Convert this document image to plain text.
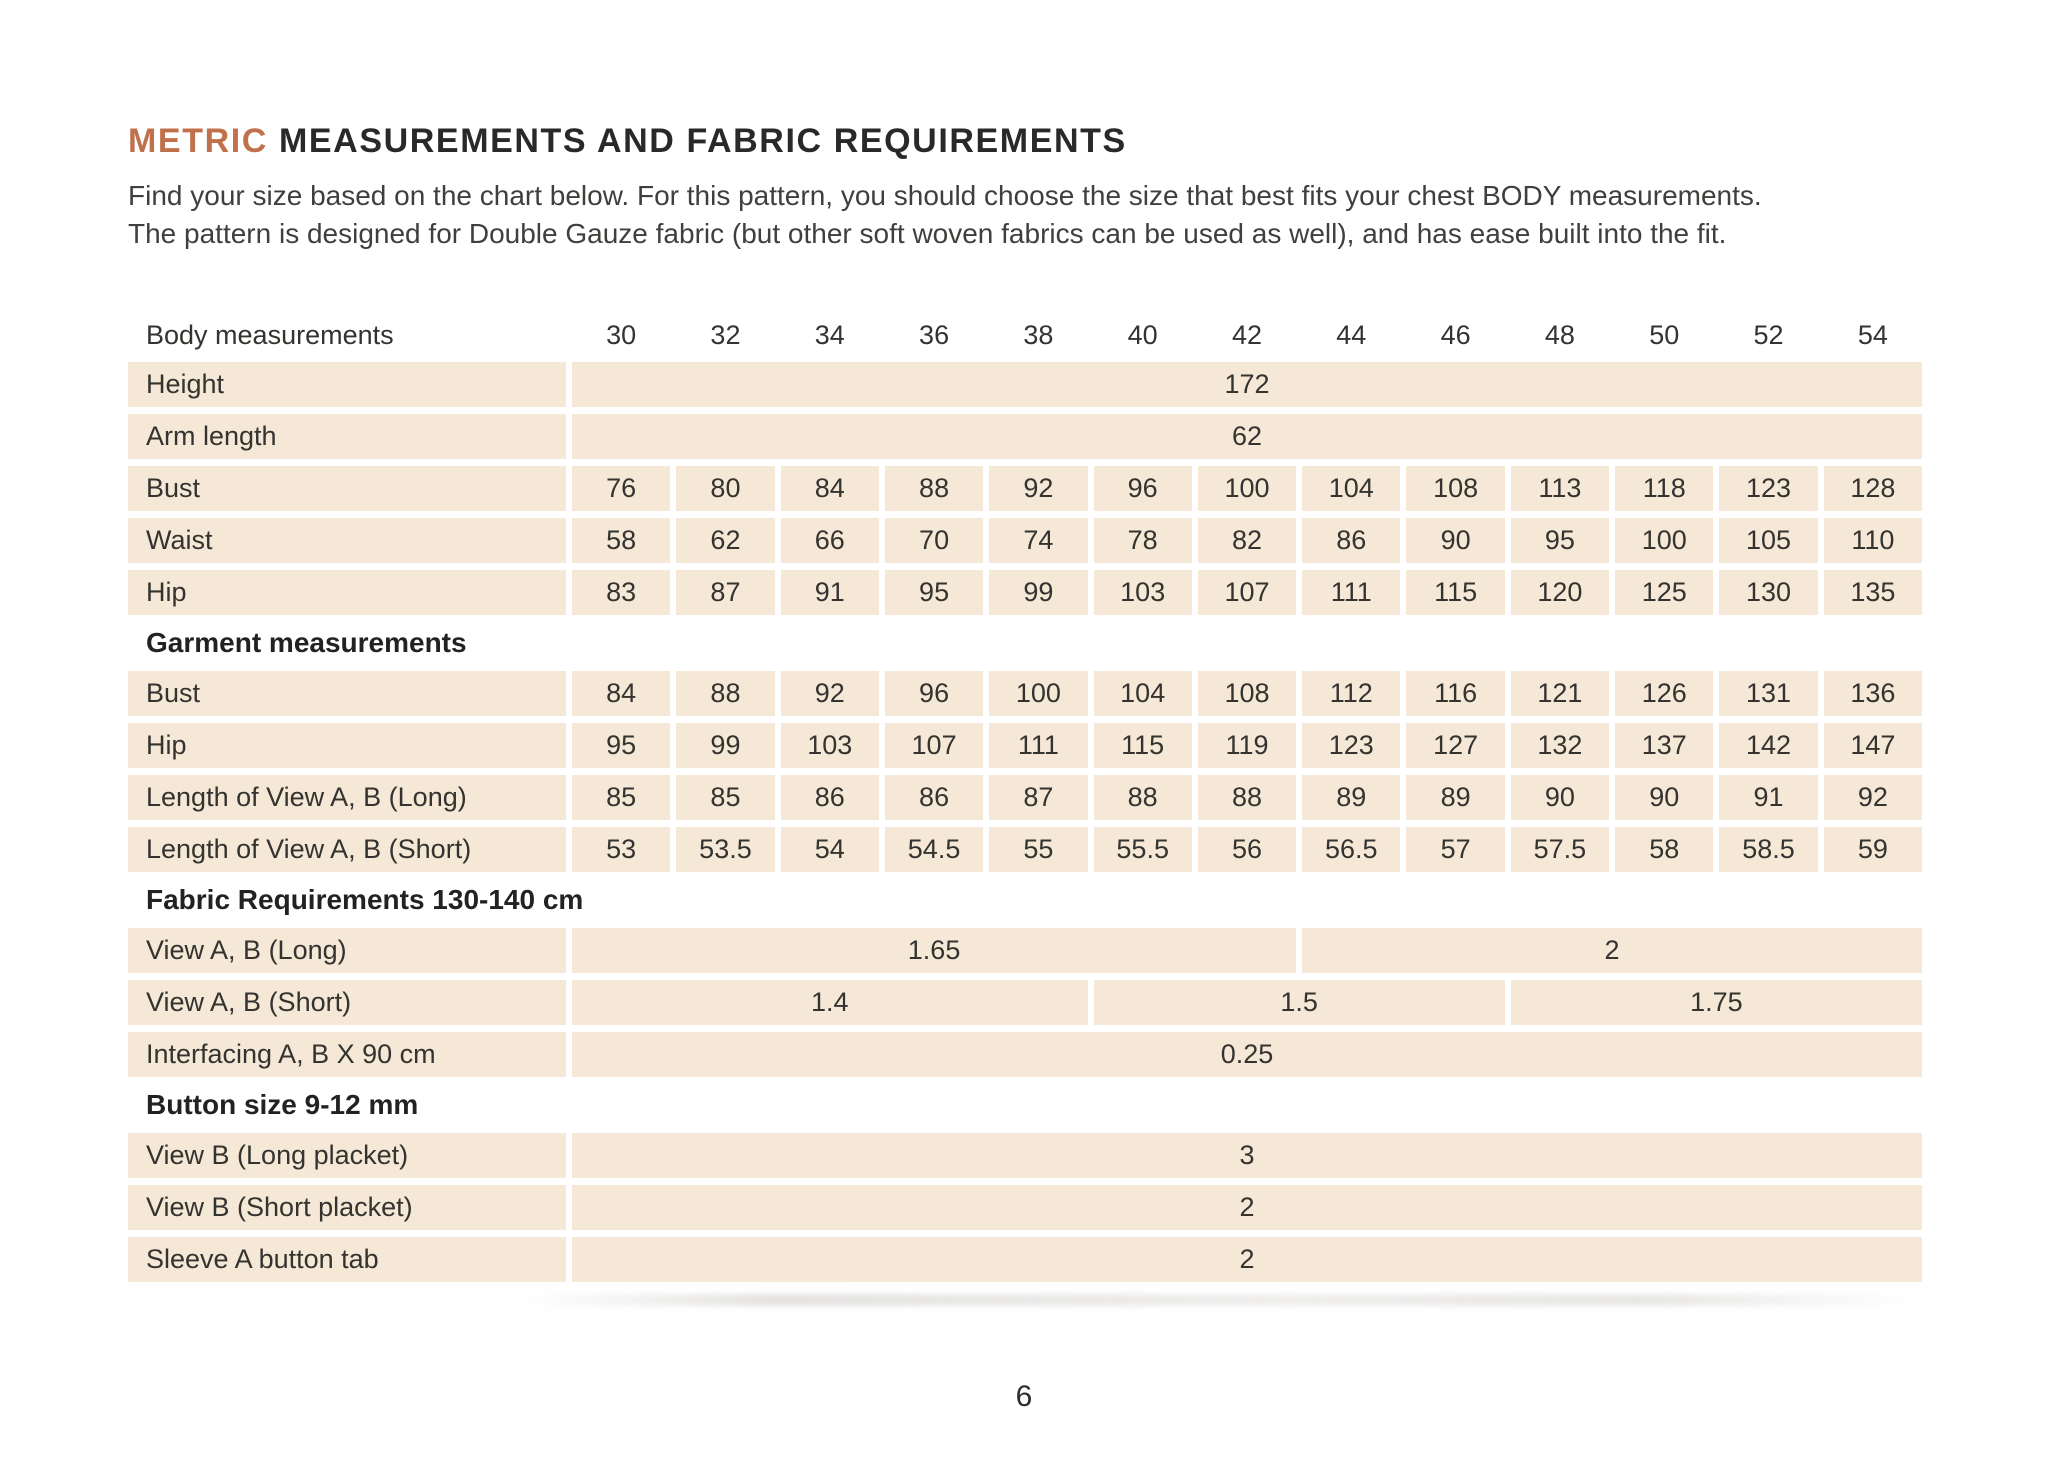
METRIC MEASUREMENTS AND FABRIC REQUIREMENTS

Find your size based on the chart below. For this pattern, you should choose the size that best fits your chest BODY measurements.
The pattern is designed for Double Gauze fabric (but other soft woven fabrics can be used as well), and has ease built into the fit.

Body measurements	30	32	34	36	38	40	42	44	46	48	50	52	54
Height	172
Arm length	62
Bust	76	80	84	88	92	96	100	104	108	113	118	123	128
Waist	58	62	66	70	74	78	82	86	90	95	100	105	110
Hip	83	87	91	95	99	103	107	111	115	120	125	130	135
Garment measurements
Bust	84	88	92	96	100	104	108	112	116	121	126	131	136
Hip	95	99	103	107	111	115	119	123	127	132	137	142	147
Length of View A, B (Long)	85	85	86	86	87	88	88	89	89	90	90	91	92
Length of View A, B (Short)	53	53.5	54	54.5	55	55.5	56	56.5	57	57.5	58	58.5	59
Fabric Requirements 130-140 cm
View A, B (Long)	1.65	2
View A, B (Short)	1.4	1.5	1.75
Interfacing A, B X 90 cm	0.25
Button size 9-12 mm
View B (Long placket)	3
View B (Short placket)	2
Sleeve A button tab	2
6
